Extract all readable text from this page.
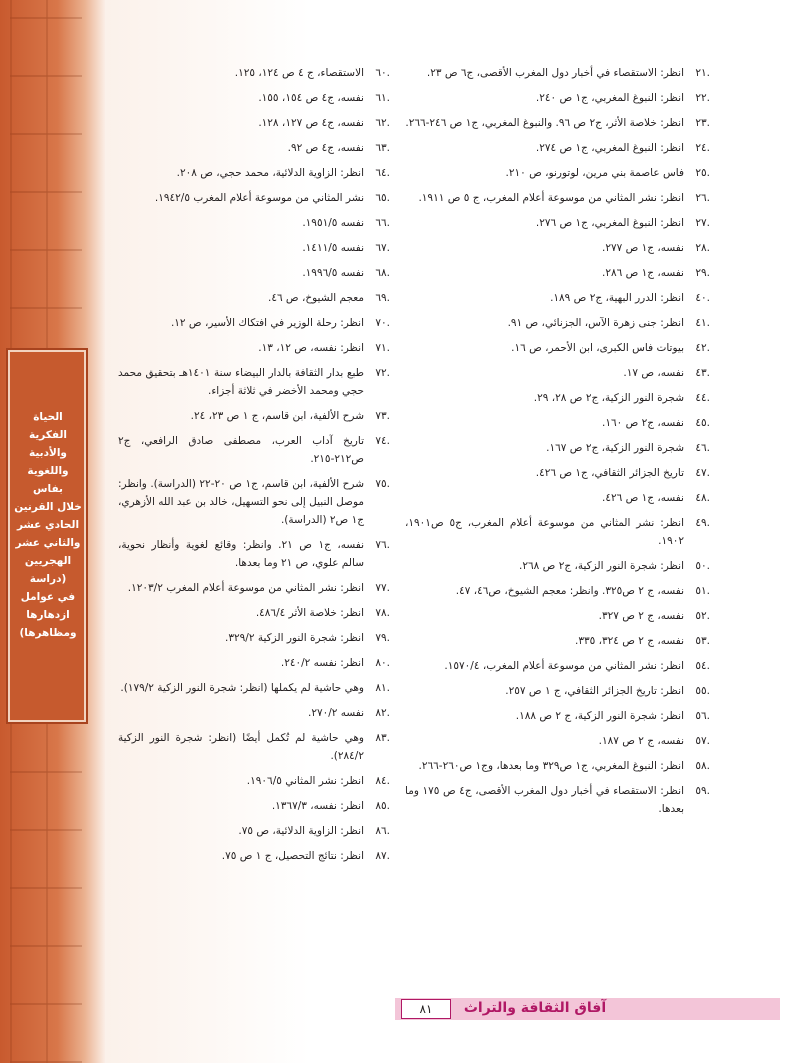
الحياة
الفكرية
والأدبية
واللغوية
بفاس
خلال القرنين
الحادي عشر
والثاني عشر
الهجريين
(دراسة
في عوامل
ازدهارها
ومظاهرها)
.٢١
انظر: الاستقصاء في أخبار دول المغرب الأقصى، ج٦ ص ٢٣.
.٢٢
انظر: النبوغ المغربي، ج١ ص ٢٤٠.
.٢٣
انظر: خلاصة الأثر، ج٢ ص ٩٦. والنبوغ المغربي، ج١ ص ٢٤٦-٢٦٦.
.٢٤
انظر: النبوغ المغربي، ج١ ص ٢٧٤.
.٢٥
فاس عاصمة بني مرين، لوتورنو، ص ٢١٠.
.٢٦
انظر: نشر المثاني من موسوعة أعلام المغرب، ج ٥ ص ١٩١١.
.٢٧
انظر: النبوغ المغربي، ج١ ص ٢٧٦.
.٢٨
نفسه، ج١ ص ٢٧٧.
.٢٩
نفسه، ج١ ص ٢٨٦.
.٤٠
انظر: الدرر البهية، ج٢ ص ١٨٩.
.٤١
انظر: جنى زهرة الآس، الجزنائي، ص ٩١.
.٤٢
بيوتات فاس الكبرى، ابن الأحمر، ص ١٦.
.٤٣
نفسه، ص ١٧.
.٤٤
شجرة النور الزكية، ج٢ ص ٢٨، ٢٩.
.٤٥
نفسه، ج٢ ص ١٦٠.
.٤٦
شجرة النور الزكية، ج٢ ص ١٦٧.
.٤٧
تاريخ الجزائر الثقافي، ج١ ص ٤٢٦.
.٤٨
نفسه، ج١ ص ٤٢٦.
.٤٩
انظر: نشر المثاني من موسوعة أعلام المغرب، ج٥ ص١٩٠١، ١٩٠٢.
.٥٠
انظر: شجرة النور الزكية، ج٢ ص ٢٦٨.
.٥١
نفسه، ج ٢ ص٣٢٥. وانظر: معجم الشيوخ، ص٤٦، ٤٧.
.٥٢
نفسه، ج ٢ ص ٣٢٧.
.٥٣
نفسه، ج ٢ ص ٣٢٤، ٣٣٥.
.٥٤
انظر: نشر المثاني من موسوعة أعلام المغرب، ١٥٧٠/٤.
.٥٥
انظر: تاريخ الجزائر الثقافي، ج ١ ص ٢٥٧.
.٥٦
انظر: شجرة النور الزكية، ج ٢ ص ١٨٨.
.٥٧
نفسه، ج ٢ ص ١٨٧.
.٥٨
انظر: النبوغ المغربي، ج١ ص٣٢٩ وما بعدها، وج١ ص٢٦٠-٢٦٦.
.٥٩
انظر: الاستقصاء في أخبار دول المغرب الأقصى، ج٤ ص ١٧٥ وما بعدها.
.٦٠
الاستقصاء، ج ٤ ص ١٢٤، ١٢٥.
.٦١
نفسه، ج٤ ص ١٥٤، ١٥٥.
.٦٢
نفسه، ج٤ ص ١٢٧، ١٢٨.
.٦٣
نفسه، ج٤ ص ٩٢.
.٦٤
انظر: الزاوية الدلائية، محمد حجي، ص ٢٠٨.
.٦٥
نشر المثاني من موسوعة أعلام المغرب ١٩٤٢/٥.
.٦٦
نفسه ١٩٥١/٥.
.٦٧
نفسه ١٤١١/٥.
.٦٨
نفسه ١٩٩٦/٥.
.٦٩
معجم الشيوخ، ص ٤٦.
.٧٠
انظر: رحلة الوزير في افتكاك الأسير، ص ١٢.
.٧١
انظر: نفسه، ص ١٢، ١٣.
.٧٢
طبع بدار الثقافة بالدار البيضاء سنة ١٤٠١هـ بتحقيق محمد حجي ومحمد الأخضر في ثلاثة أجزاء.
.٧٣
شرح الألفية، ابن قاسم، ج ١ ص ٢٣، ٢٤.
.٧٤
تاريخ آداب العرب، مصطفى صادق الرافعي، ج٢ ص٢١٢-٢١٥.
.٧٥
شرح الألفية، ابن قاسم، ج١ ص ٢٠-٢٢ (الدراسة). وانظر: موصل النبيل إلى نحو التسهيل، خالد بن عبد الله الأزهري، ج١ ص٢ (الدراسة).
.٧٦
نفسه، ج١ ص ٢١. وانظر: وقائع لغوية وأنظار نحوية، سالم علوي، ص ٢١ وما بعدها.
.٧٧
انظر: نشر المثاني من موسوعة أعلام المغرب ١٢٠٣/٢.
.٧٨
انظر: خلاصة الأثر ٤٨٦/٤.
.٧٩
انظر: شجرة النور الزكية ٣٢٩/٢.
.٨٠
انظر: نفسه ٢٤٠/٢.
.٨١
وهي حاشية لم يكملها (انظر: شجرة النور الزكية ١٧٩/٢).
.٨٢
نفسه ٢٧٠/٢.
.٨٣
وهي حاشية لم تُكمل أيضًا (انظر: شجرة النور الزكية ٢٨٤/٢).
.٨٤
انظر: نشر المثاني ١٩٠٦/٥.
.٨٥
انظر: نفسه، ١٣٦٧/٣.
.٨٦
انظر: الزاوية الدلائية، ص ٧٥.
.٨٧
انظر: نتائج التحصيل، ج ١ ص ٧٥.
آفاق الثقافة والتراث
٨١
